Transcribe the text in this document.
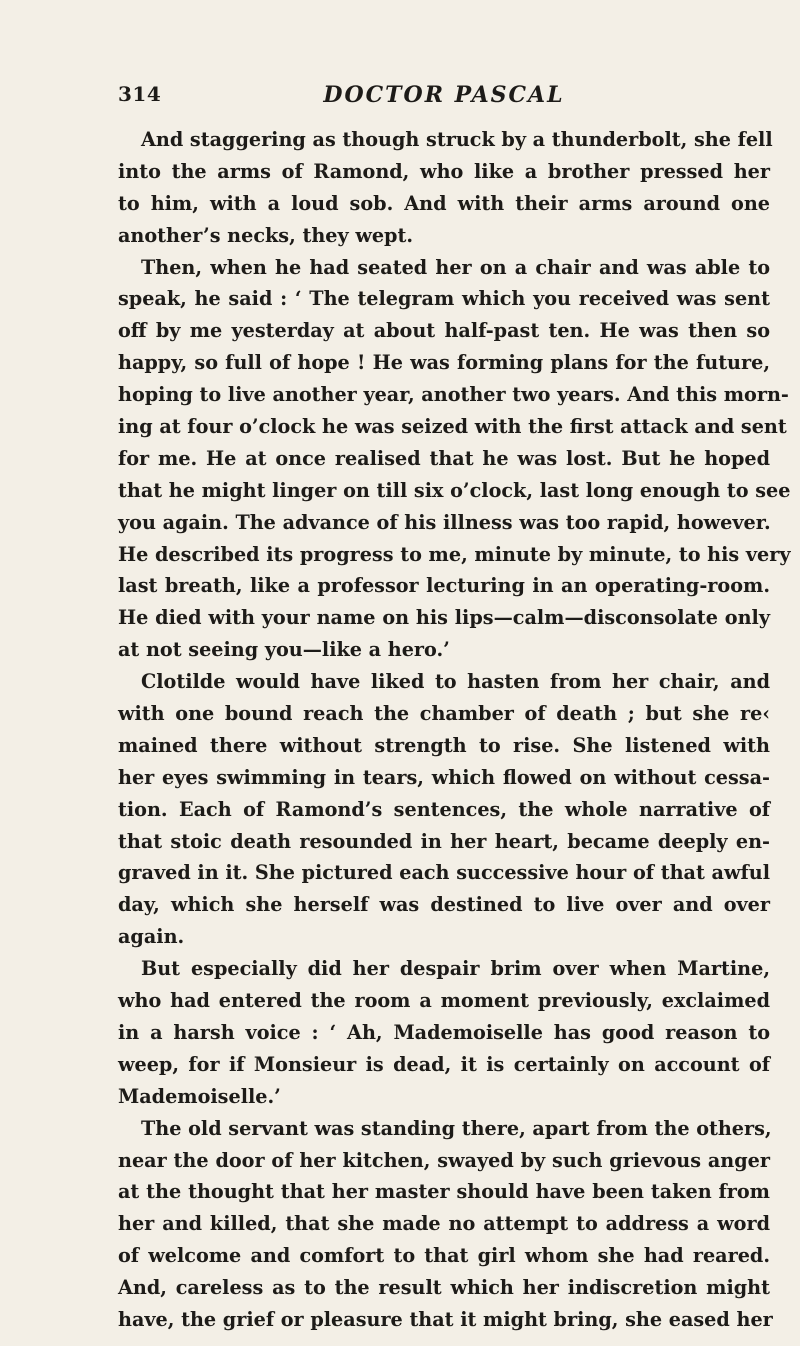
314	DOCTOR PASCAL
And staggering as though struck by a thunderbolt, she fell
into the arms of Ramond, who like a brother pressed her
to him, with a loud sob. And with their arms around one
another’s necks, they wept.
Then, when he had seated her on a chair and was able to
speak, he said : ‘ The telegram which you received was sent
off by me yesterday at about half-past ten. He was then so
happy, so full of hope ! He was forming plans for the future,
hoping to live another year, another two years. And this morn-
ing at four o’clock he was seized with the first attack and sent
for me. He at once realised that he was lost. But he hoped
that he might linger on till six o’clock, last long enough to see
you again. The advance of his illness was too rapid, however.
He described its progress to me, minute by minute, to his very
last breath, like a professor lecturing in an operating-room.
He died with your name on his lips—calm—disconsolate only
at not seeing you—like a hero.’
Clotilde would have liked to hasten from her chair, and
with one bound reach the chamber of death ; but she re‹
mained there without strength to rise. She listened with
her eyes swimming in tears, which flowed on without cessa-
tion. Each of Ramond’s sentences, the whole narrative of
that stoic death resounded in her heart, became deeply en-
graved in it. She pictured each successive hour of that awful
day, which she herself was destined to live over and over
again.
But especially did her despair brim over when Martine,
who had entered the room a moment previously, exclaimed
in a harsh voice : ‘ Ah, Mademoiselle has good reason to
weep, for if Monsieur is dead, it is certainly on account of
Mademoiselle.’
The old servant was standing there, apart from the others,
near the door of her kitchen, swayed by such grievous anger
at the thought that her master should have been taken from
her and killed, that she made no attempt to address a word
of welcome and comfort to that girl whom she had reared.
And, careless as to the result which her indiscretion might
have, the grief or pleasure that it might bring, she eased her
